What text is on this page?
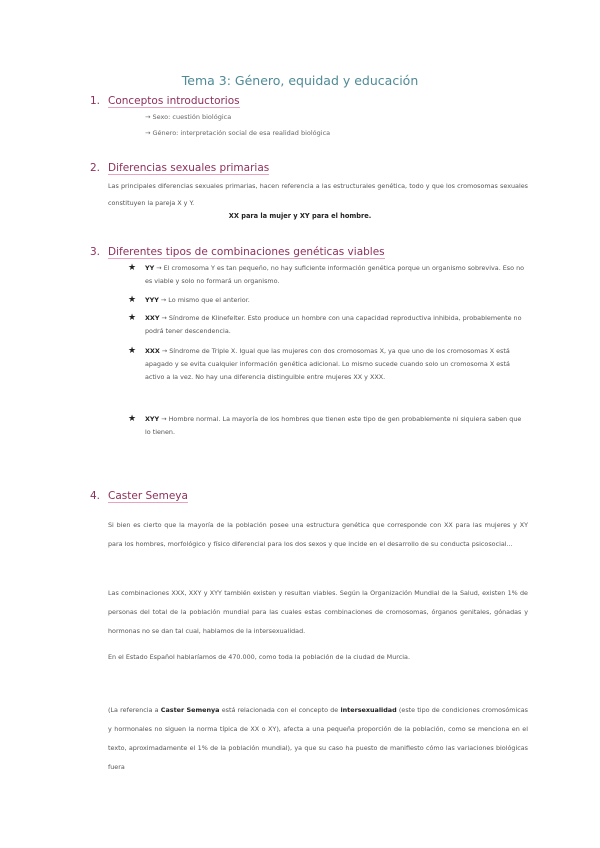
Tema 3: Género, equidad y educación
1. Conceptos introductorios
→ Sexo: cuestión biológica
→ Género: interpretación social de esa realidad biológica
2. Diferencias sexuales primarias
Las principales diferencias sexuales primarias, hacen referencia a las estructurales genética, todo y que los cromosomas sexuales constituyen la pareja X y Y.
XX para la mujer y XY para el hombre.
3. Diferentes tipos de combinaciones genéticas viables
★ YY → El cromosoma Y es tan pequeño, no hay suficiente información genética porque un organismo sobreviva. Eso no es viable y solo no formará un organismo.
★ YYY → Lo mismo que el anterior.
★ XXY → Síndrome de Klinefelter. Esto produce un hombre con una capacidad reproductiva inhibida, probablemente no podrá tener descendencia.
★ XXX → Síndrome de Triple X. Igual que las mujeres con dos cromosomas X, ya que uno de los cromosomas X está apagado y se evita cualquier información genética adicional. Lo mismo sucede cuando solo un cromosoma X está activo a la vez. No hay una diferencia distinguible entre mujeres XX y XXX.
★ XYY → Hombre normal. La mayoría de los hombres que tienen este tipo de gen probablemente ni siquiera saben que lo tienen.
4. Caster Semeya
Si bien es cierto que la mayoría de la población posee una estructura genética que corresponde con XX para las mujeres y XY para los hombres, morfológico y físico diferencial para los dos sexos y que incide en el desarrollo de su conducta psicosocial...
Las combinaciones XXX, XXY y XYY también existen y resultan viables. Según la Organización Mundial de la Salud, existen 1% de personas del total de la población mundial para las cuales estas combinaciones de cromosomas, órganos genitales, gónadas y hormonas no se dan tal cual, hablamos de la intersexualidad.
En el Estado Español hablaríamos de 470.000, como toda la población de la ciudad de Murcia.
(La referencia a Caster Semenya está relacionada con el concepto de intersexualidad (este tipo de condiciones cromosómicas y hormonales no siguen la norma típica de XX o XY), afecta a una pequeña proporción de la población, como se menciona en el texto, aproximadamente el 1% de la población mundial), ya que su caso ha puesto de manifiesto cómo las variaciones biológicas fuera
